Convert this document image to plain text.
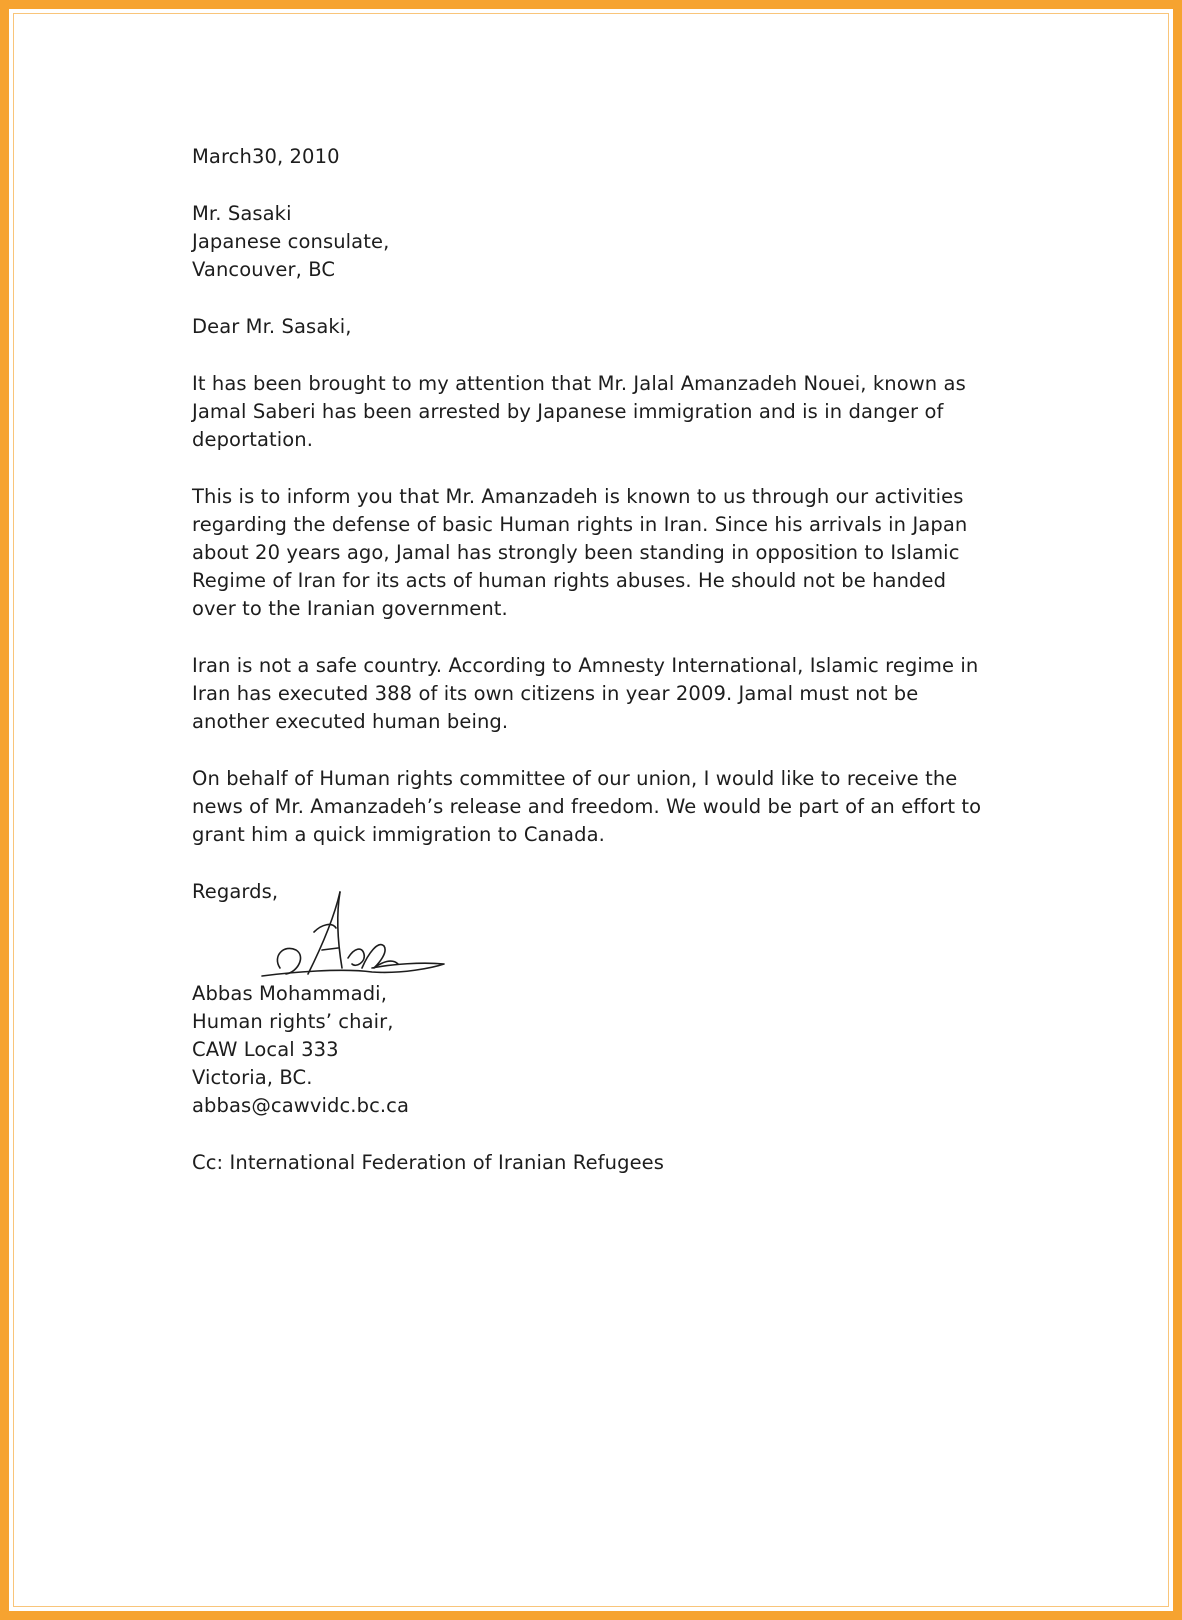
March30, 2010
Mr. Sasaki
Japanese consulate,
Vancouver, BC
Dear Mr. Sasaki,
It has been brought to my attention that Mr. Jalal Amanzadeh Nouei, known as
Jamal Saberi has been arrested by Japanese immigration and is in danger of
deportation.
This is to inform you that Mr. Amanzadeh is known to us through our activities
regarding the defense of basic Human rights in Iran. Since his arrivals in Japan
about 20 years ago, Jamal has strongly been standing in opposition to Islamic
Regime of Iran for its acts of human rights abuses. He should not be handed
over to the Iranian government.
Iran is not a safe country. According to Amnesty International, Islamic regime in
Iran has executed 388 of its own citizens in year 2009. Jamal must not be
another executed human being.
On behalf of Human rights committee of our union, I would like to receive the
news of Mr. Amanzadeh’s release and freedom. We would be part of an effort to
grant him a quick immigration to Canada.
Regards,
Abbas Mohammadi,
Human rights’ chair,
CAW Local 333
Victoria, BC.
abbas@cawvidc.bc.ca
Cc: International Federation of Iranian Refugees
